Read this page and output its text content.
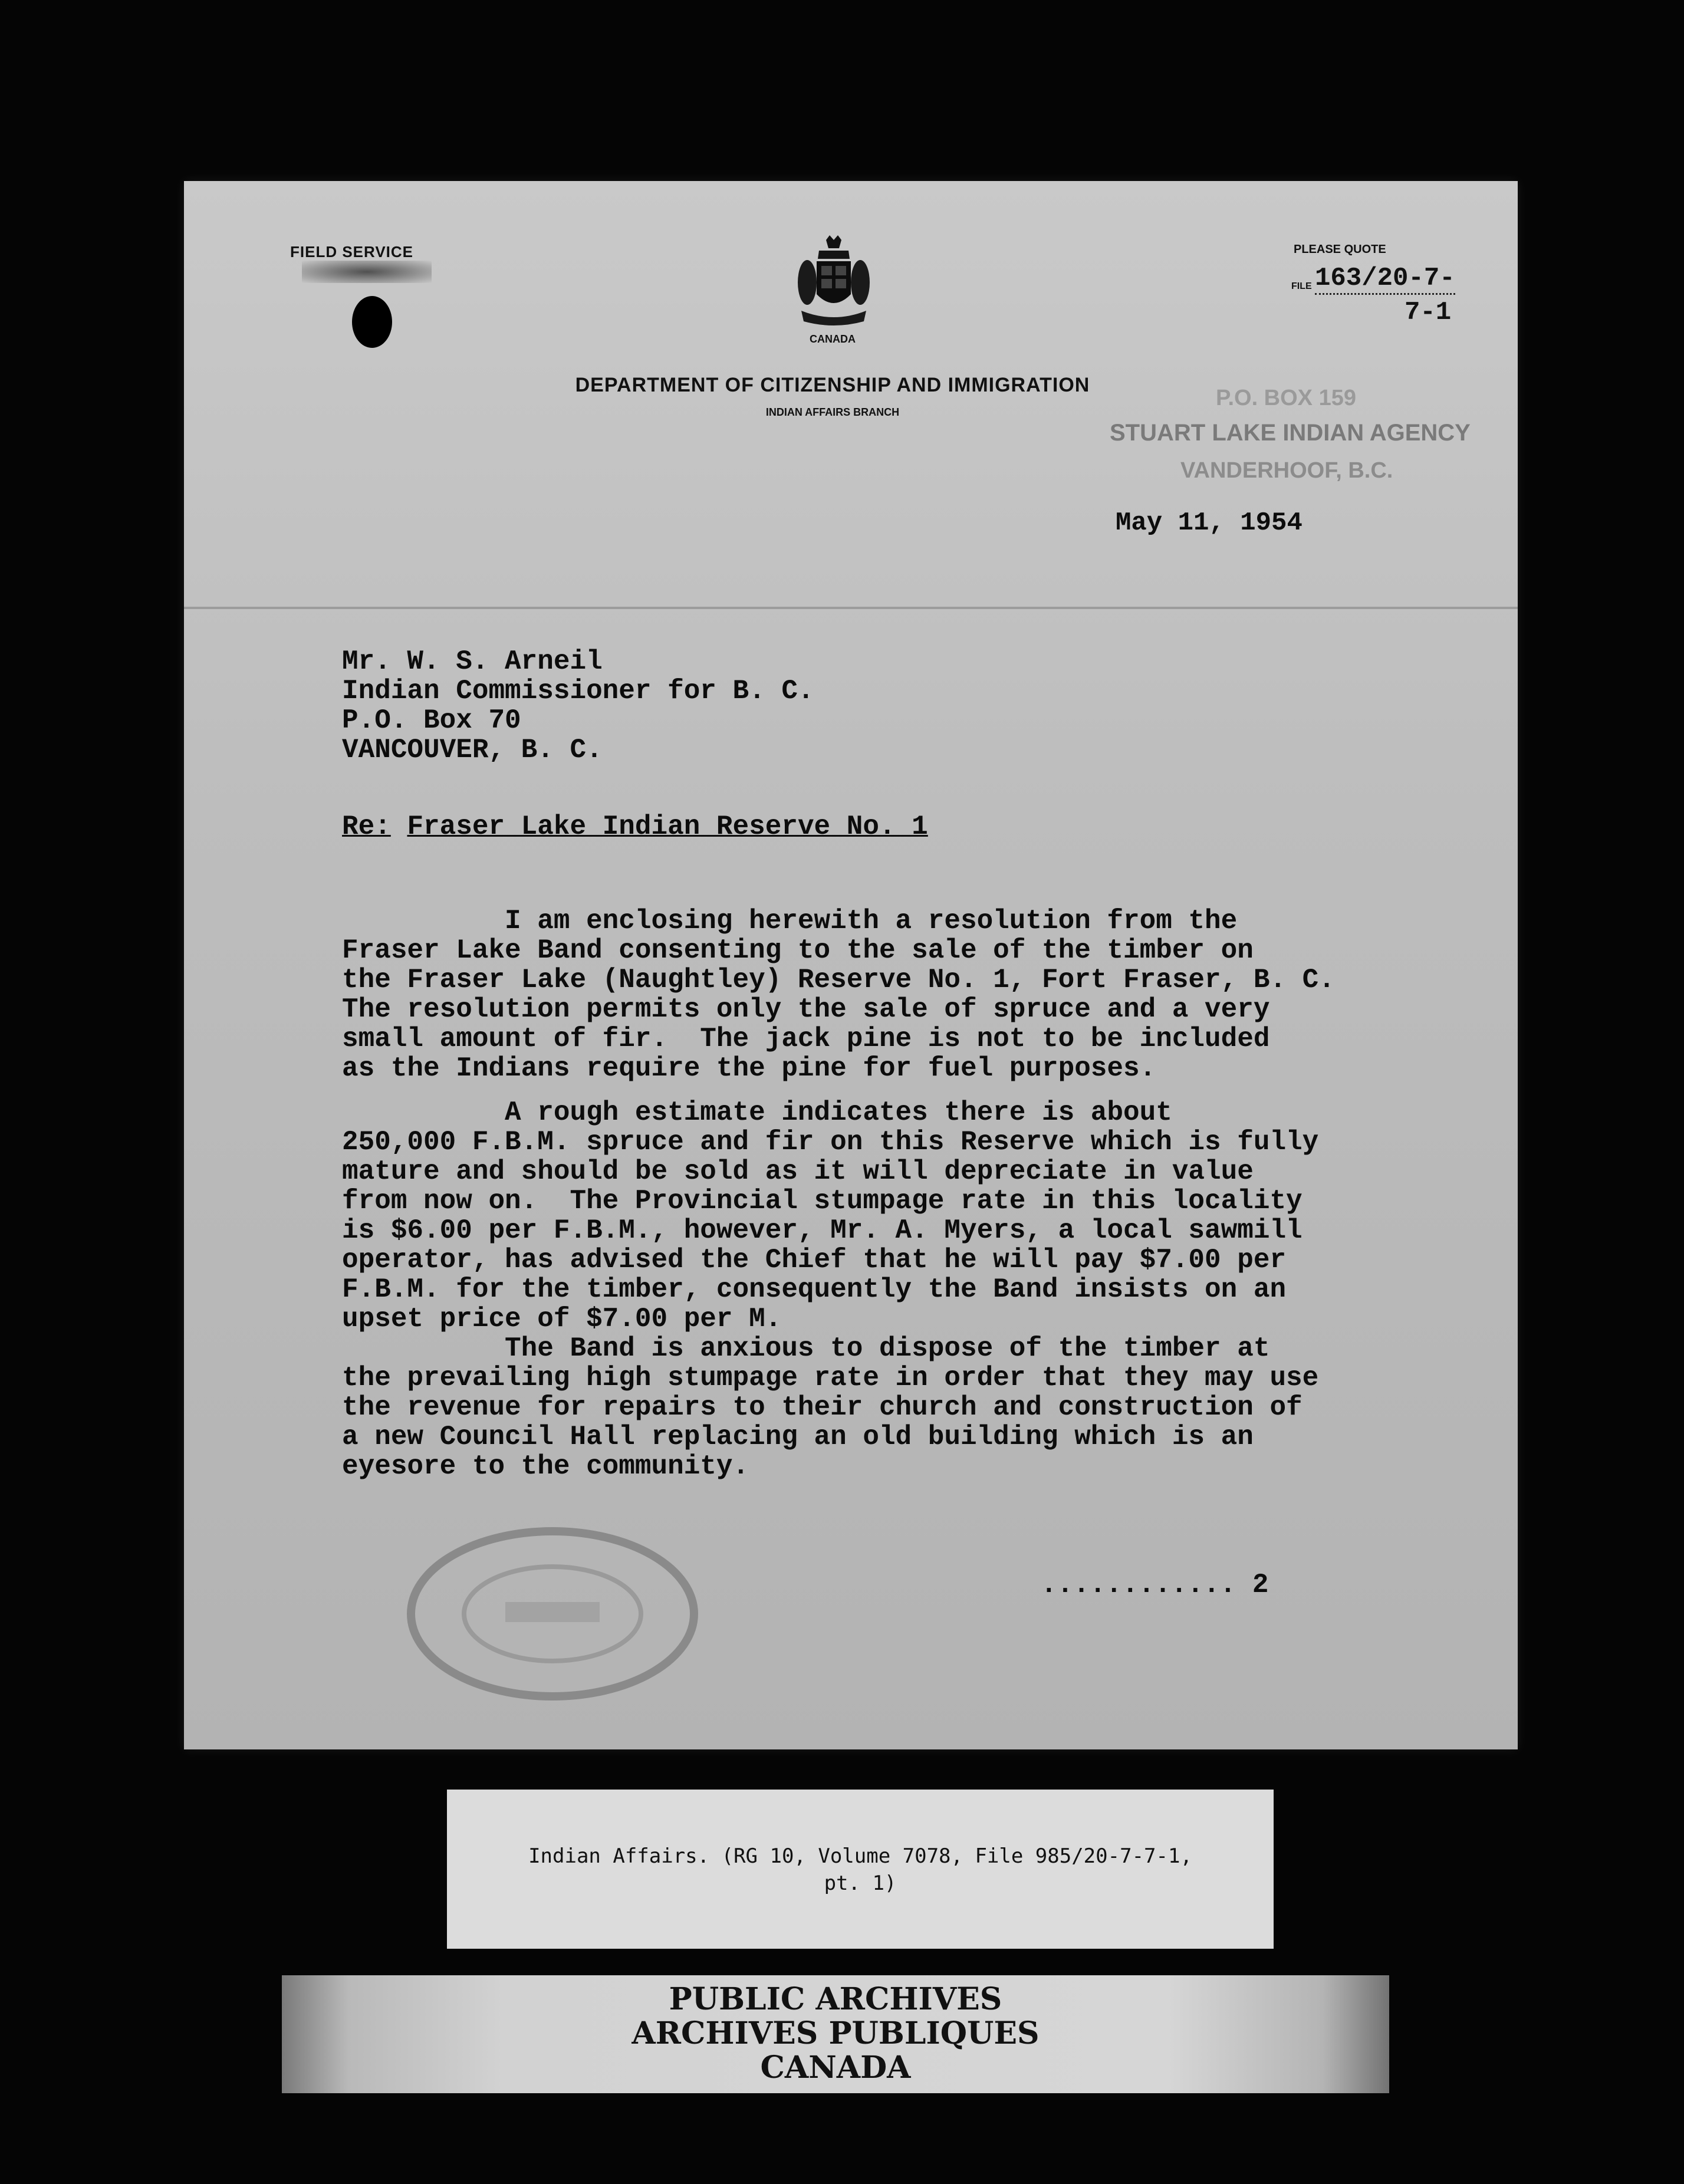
FIELD SERVICE
CANADA
DEPARTMENT OF CITIZENSHIP AND IMMIGRATION
INDIAN AFFAIRS BRANCH
PLEASE QUOTE
FILE 163/20-7-
7-1
P.O. BOX 159
STUART LAKE INDIAN AGENCY
VANDERHOOF, B.C.
May 11, 1954
Mr. W. S. Arneil
Indian Commissioner for B. C.
P.O. Box 70
VANCOUVER, B. C.
Re: Fraser Lake Indian Reserve No. 1
I am enclosing herewith a resolution from the
Fraser Lake Band consenting to the sale of the timber on
the Fraser Lake (Naughtley) Reserve No. 1, Fort Fraser, B. C.
The resolution permits only the sale of spruce and a very
small amount of fir.  The jack pine is not to be included
as the Indians require the pine for fuel purposes.
A rough estimate indicates there is about
250,000 F.B.M. spruce and fir on this Reserve which is fully
mature and should be sold as it will depreciate in value
from now on.  The Provincial stumpage rate in this locality
is $6.00 per F.B.M., however, Mr. A. Myers, a local sawmill
operator, has advised the Chief that he will pay $7.00 per
F.B.M. for the timber, consequently the Band insists on an
upset price of $7.00 per M.
The Band is anxious to dispose of the timber at
the prevailing high stumpage rate in order that they may use
the revenue for repairs to their church and construction of
a new Council Hall replacing an old building which is an
eyesore to the community.
............ 2
Indian Affairs. (RG 10, Volume 7078, File 985/20-7-7-1,
pt. 1)
PUBLIC ARCHIVES
ARCHIVES PUBLIQUES
CANADA
